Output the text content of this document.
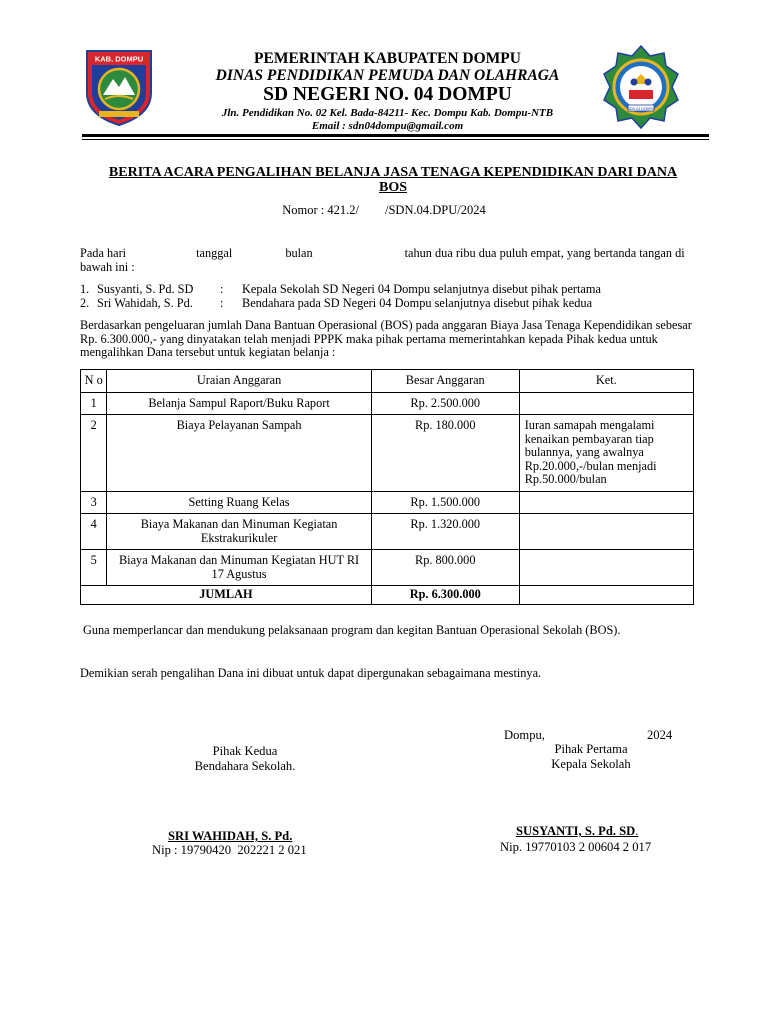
KAB. DOMPU	PEMERINTAH KABUPATEN DOMPU
DINAS PENDIDIKAN PEMUDA DAN OLAHRAGA
SD NEGERI NO. 04 DOMPU
Jln. Pendidikan No. 02 Kel. Bada-84211- Kec. Dompu Kab. Dompu-NTB
Email : sdn04dompu@gmail.com
SDN 04 DOMPU
BERITA ACARA PENGALIHAN BELANJA JASA TENAGA KEPENDIDIKAN DARI DANA BOS
Nomor : 421.2/ /SDN.04.DPU/2024
Pada hari	tanggal	bulan	tahun dua ribu dua puluh empat, yang bertanda tangan di bawah ini :
1. Susyanti, S. Pd. SD : Kepala Sekolah SD Negeri 04 Dompu selanjutnya disebut pihak pertama
2. Sri Wahidah, S. Pd. : Bendahara pada SD Negeri 04 Dompu selanjutnya disebut pihak kedua
Berdasarkan pengeluaran jumlah Dana Bantuan Operasional (BOS) pada anggaran Biaya Jasa Tenaga Kependidikan sebesar Rp. 6.300.000,- yang dinyatakan telah menjadi PPPK maka pihak pertama memerintahkan kepada Pihak kedua untuk mengalihkan Dana tersebut untuk kegiatan belanja :
N o	Uraian Anggaran	Besar Anggaran	Ket.
1	Belanja Sampul Raport/Buku Raport	Rp. 2.500.000	
2	Biaya Pelayanan Sampah	Rp. 180.000	Iuran samapah mengalami kenaikan pembayaran tiap bulannya, yang awalnya Rp.20.000,-/bulan menjadi Rp.50.000/bulan
3	Setting Ruang Kelas	Rp. 1.500.000	
4	Biaya Makanan dan Minuman Kegiatan Ekstrakurikuler	Rp. 1.320.000	
5	Biaya Makanan dan Minuman Kegiatan HUT RI 17 Agustus	Rp. 800.000	
JUMLAH		Rp. 6.300.000	
Guna memperlancar dan mendukung pelaksanaan program dan kegitan Bantuan Operasional Sekolah (BOS).
Demikian serah pengalihan Dana ini dibuat untuk dapat dipergunakan sebagaimana mestinya.
Dompu,	2024
Pihak Kedua
Bendahara Sekolah.
Pihak Pertama
Kepala Sekolah
SRI WAHIDAH, S. Pd.	SUSYANTI, S. Pd. SD.
Nip : 19790420  202221 2 021	Nip. 19770103 2 00604 2 017
